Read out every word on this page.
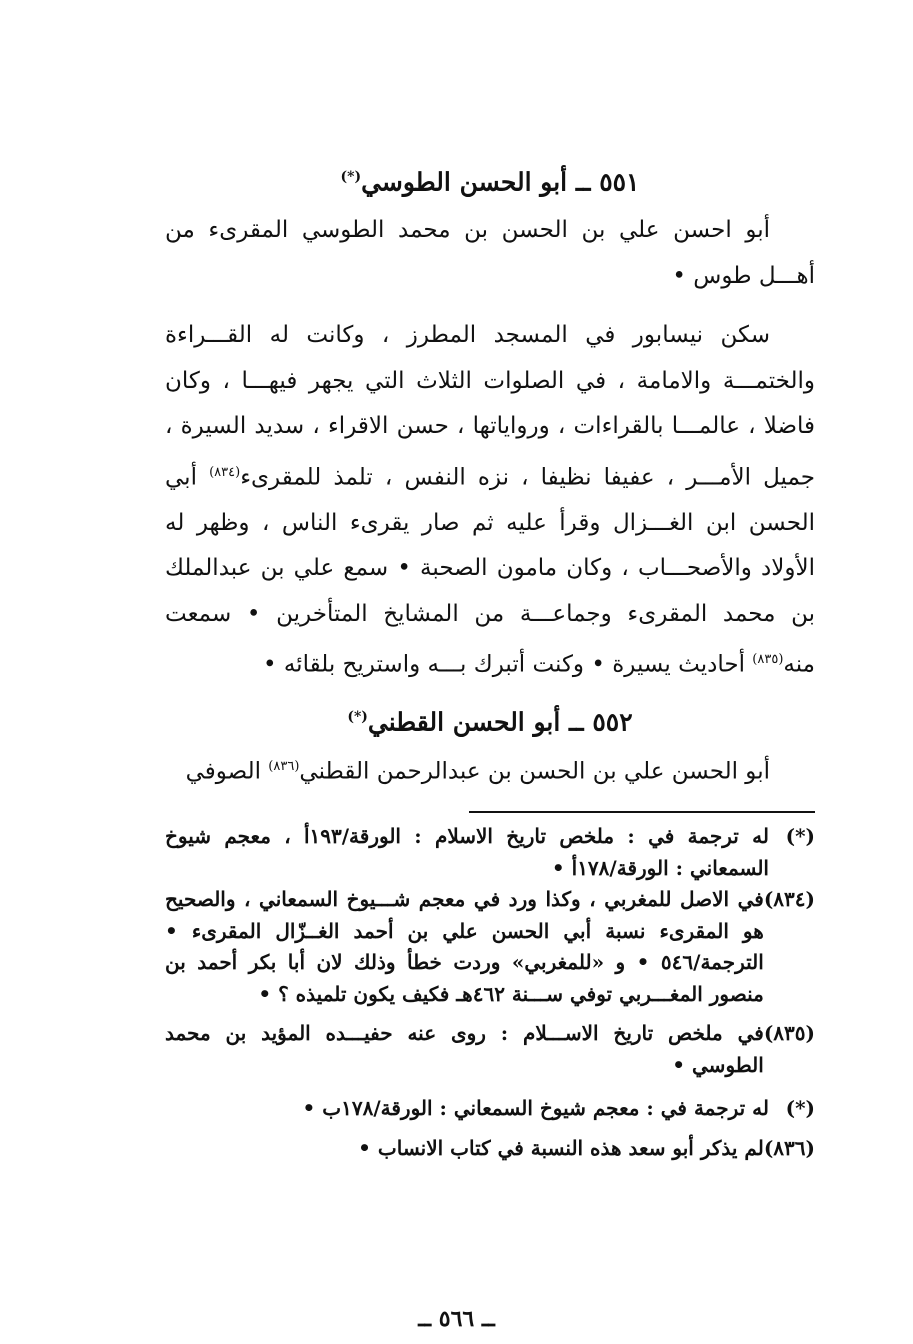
٥٥١ ــ أبو الحسن الطوسي(*)

أبو احسن علي بن الحسن بن محمد الطوسي المقرىء من أهـــل طوس •

سكن نيسابور في المسجد المطرز ، وكانت له القـــراءة والختمـــة والامامة ، في الصلوات الثلاث التي يجهر فيهـــا ، وكان فاضلا ، عالمـــا بالقراءات ، ورواياتها ، حسن الاقراء ، سديد السيرة ، جميل الأمـــر ، عفيفا نظيفا ، نزه النفس ، تلمذ للمقرىء$^{(٨٣٤)}$ أبي الحسن ابن الغـــزال وقرأ عليه ثم صار يقرىء الناس ، وظهر له الأولاد والأصحـــاب ، وكان مامون الصحبة • سمع علي بن عبدالملك بن محمد المقرىء وجماعـــة من المشايخ المتأخرين • سمعت منه$^{(٨٣٥)}$ أحاديث يسيرة • وكنت أتبرك بـــه واستريح بلقائه •

٥٥٢ ــ أبو الحسن القطني(*)

أبو الحسن علي بن الحسن بن عبدالرحمن القطني$^{(٨٣٦)}$ الصوفي

(*)
له ترجمة في : ملخص تاريخ الاسلام : الورقة/١٩٣أ ، معجم شيوخ السمعاني : الورقة/١٧٨أ •
(٨٣٤)
في الاصل للمغربي ، وكذا ورد في معجم شـــيوخ السمعاني ، والصحيح هو المقرىء نسبة أبي الحسن علي بن أحمد الغــزّال المقرىء • الترجمة/٥٤٦ • و «للمغربي» وردت خطأ وذلك لان أبا بكر أحمد بن منصور المغـــربي توفي ســـنة ٤٦٢هـ فكيف يكون تلميذه ؟ •
(٨٣٥)
في ملخص تاريخ الاســـلام : روى عنه حفيـــده المؤيد بن محمد الطوسي •
(*)
له ترجمة في : معجم شيوخ السمعاني : الورقة/١٧٨ب •
(٨٣٦)
لم يذكر أبو سعد هذه النسبة في كتاب الانساب •
ــ ٥٦٦ ــ
